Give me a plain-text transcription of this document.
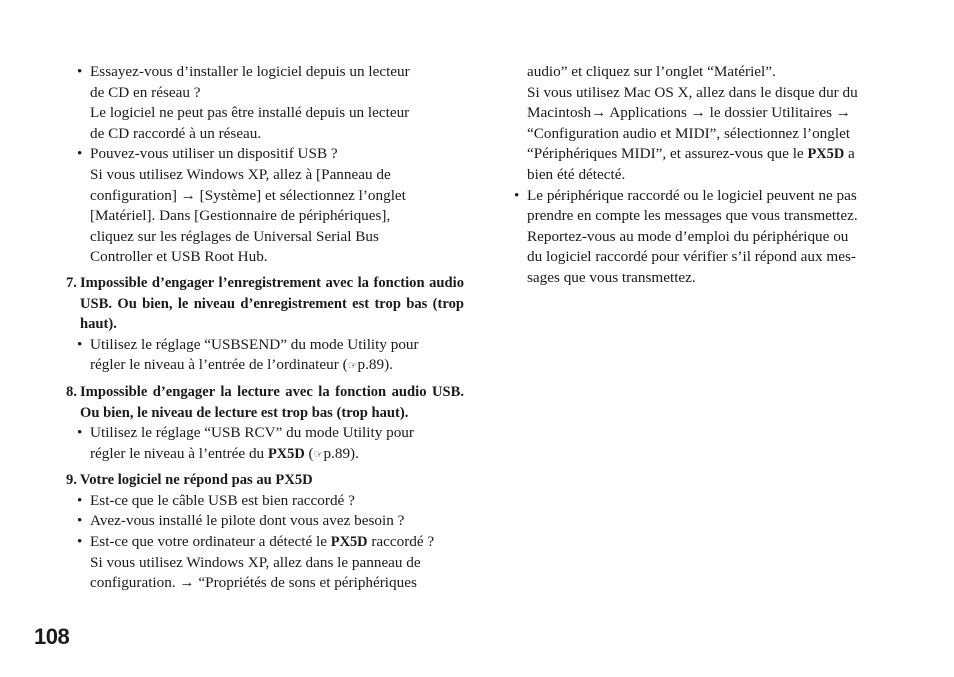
• Essayez-vous d’installer le logiciel depuis un lecteur
de CD en réseau ?
Le logiciel ne peut pas être installé depuis un lecteur
de CD raccordé à un réseau.
• Pouvez-vous utiliser un dispositif USB ?
Si vous utilisez Windows XP, allez à [Panneau de
configuration] → [Système] et sélectionnez l’onglet
[Matériel]. Dans [Gestionnaire de périphériques],
cliquez sur les réglages de Universal Serial Bus
Controller et USB Root Hub.
7. Impossible d’engager l’enregistrement avec la fonction audio USB. Ou bien, le niveau d’enregistrement est trop bas (trop haut).
• Utilisez le réglage “USBSEND” du mode Utility pour
régler le niveau à l’entrée de l’ordinateur (☞p.89).
8. Impossible d’engager la lecture avec la fonction audio USB. Ou bien, le niveau de lecture est trop bas (trop haut).
• Utilisez le réglage “USB RCV” du mode Utility pour
régler le niveau à l’entrée du PX5D (☞p.89).
9. Votre logiciel ne répond pas au PX5D
• Est-ce que le câble USB est bien raccordé ?
• Avez-vous installé le pilote dont vous avez besoin ?
• Est-ce que votre ordinateur a détecté le PX5D raccordé ?
Si vous utilisez Windows XP, allez dans le panneau de
configuration. → “Propriétés de sons et périphériques
audio” et cliquez sur l’onglet “Matériel”.
Si vous utilisez Mac OS X, allez dans le disque dur du
Macintosh→ Applications → le dossier Utilitaires →
“Configuration audio et MIDI”, sélectionnez l’onglet
“Périphériques MIDI”, et assurez-vous que le PX5D a
bien été détecté.
• Le périphérique raccordé ou le logiciel peuvent ne pas
prendre en compte les messages que vous transmettez.
Reportez-vous au mode d’emploi du périphérique ou
du logiciel raccordé pour vérifier s’il répond aux mes-
sages que vous transmettez.
108
